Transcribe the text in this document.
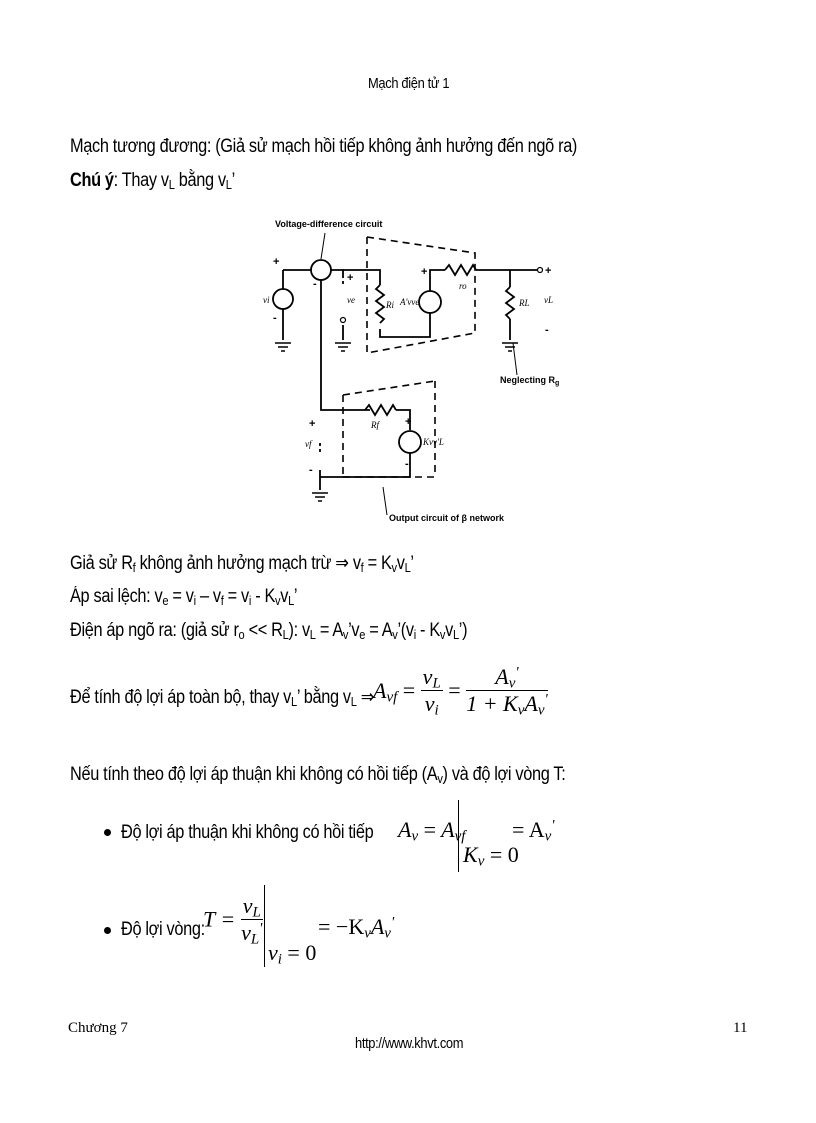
Mạch điện tử 1
Mạch tương đương: (Giả sử mạch hồi tiếp không ảnh hưởng đến ngõ ra)
Chú ý: Thay $v_L$ bằng $v_L$’
Voltage-difference circuit
Neglecting $R_g$
Output circuit of β network
vi	ve	Ri A'vve
ro
RL vL
vf
Rf
Kvv'L
+
-
-	+	+	+
-
+
-
+
-
Giả sử $R_f$ không ảnh hưởng mạch trừ ⇒ $v_f = K_vv_L$’
Áp sai lệch: $v_e = v_i - v_f = v_i - K_vv_L$’
Điện áp ngõ ra: (giả sử $r_o << R_L$): $v_L$ = $A_v’v_e$ = $A_v’(v_i$ - $K_vv_L$’)
Để tính độ lợi áp toàn bộ, thay $v_L$’ bằng $v_L$ ⇒
$A_{vf} = \frac{v_L}{v_i} = \frac{A_v'}{1 + K_vA_v'}$
Nếu tính theo độ lợi áp thuận khi không có hồi tiếp $(A_v)$ và độ lợi vòng T:
Độ lợi áp thuận khi không có hồi tiếp $A_v = A_{vf}$
$K_v = 0$
= $A_v'$
Độ lợi vòng:
$T = \frac{v_L}{v_L'}$
$v_i = 0$
= $-K_vA_v'$
Chương 7
http://www.khvt.com
11
